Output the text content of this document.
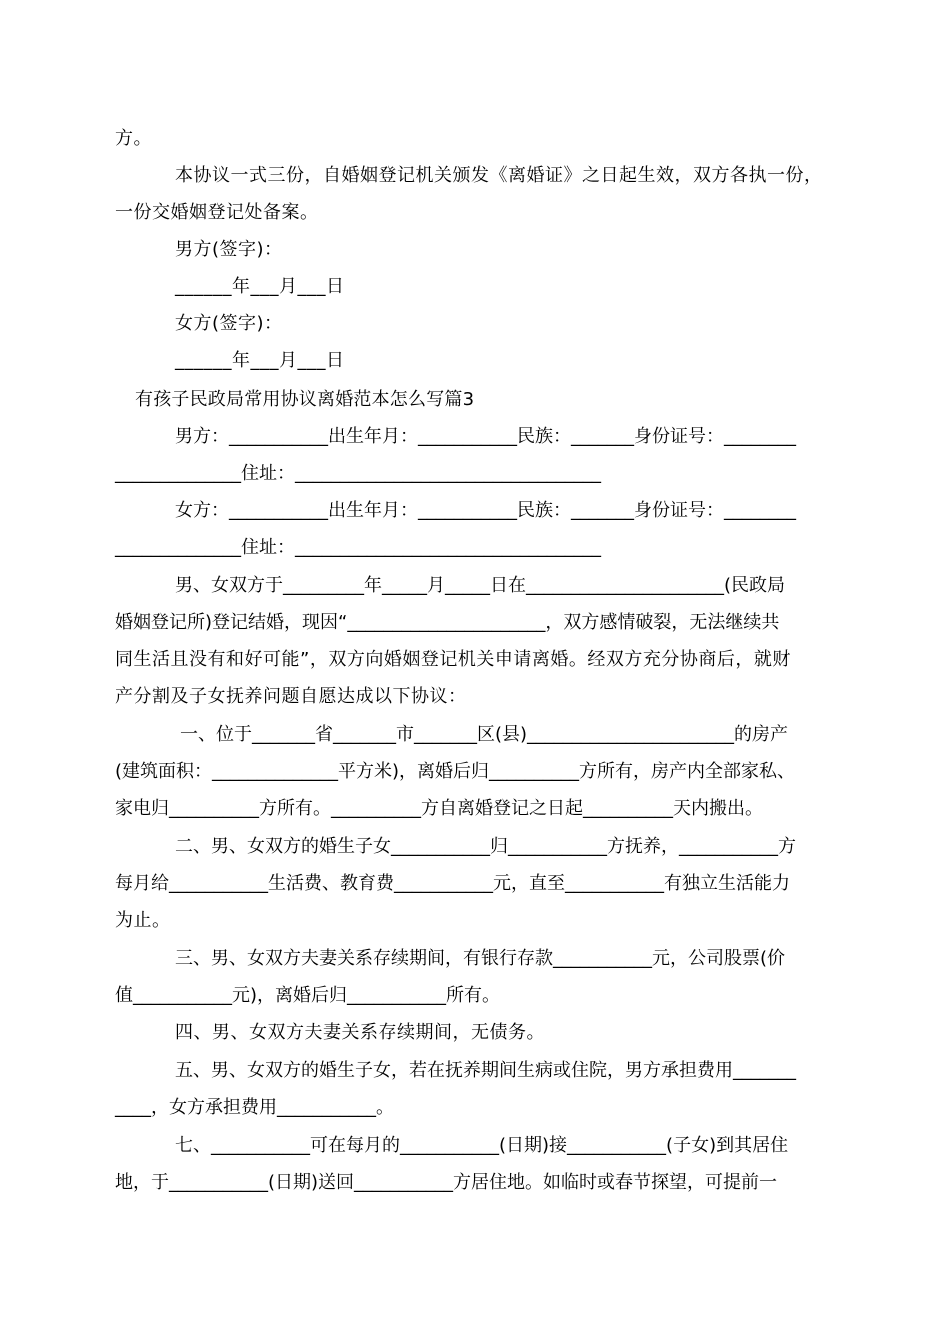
方。
本协议一式三份，自婚姻登记机关颁发《离婚证》之日起生效，双方各执一份，
一份交婚姻登记处备案。
男方(签字)：
______年___月___日
女方(签字)：
______年___月___日
有孩子民政局常用协议离婚范本怎么写篇3
男方：___________出生年月：___________民族：_______身份证号：________
______________住址：__________________________________
女方：___________出生年月：___________民族：_______身份证号：________
______________住址：__________________________________
男、女双方于_________年_____月_____日在______________________(民政局
婚姻登记所)登记结婚，现因“______________________，双方感情破裂，无法继续共
同生活且没有和好可能”，双方向婚姻登记机关申请离婚。经双方充分协商后，就财
产分割及子女抚养问题自愿达成以下协议：
一、位于_______省_______市_______区(县)_______________________的房产
(建筑面积：______________平方米)，离婚后归__________方所有，房产内全部家私、
家电归__________方所有。__________方自离婚登记之日起__________天内搬出。
二、男、女双方的婚生子女___________归___________方抚养，___________方
每月给___________生活费、教育费___________元，直至___________有独立生活能力
为止。
三、男、女双方夫妻关系存续期间，有银行存款___________元，公司股票(价
值___________元)，离婚后归___________所有。
四、男、女双方夫妻关系存续期间，无债务。
五、男、女双方的婚生子女，若在抚养期间生病或住院，男方承担费用_______
____，女方承担费用___________。
七、___________可在每月的___________(日期)接___________(子女)到其居住
地，于___________(日期)送回___________方居住地。如临时或春节探望，可提前一
